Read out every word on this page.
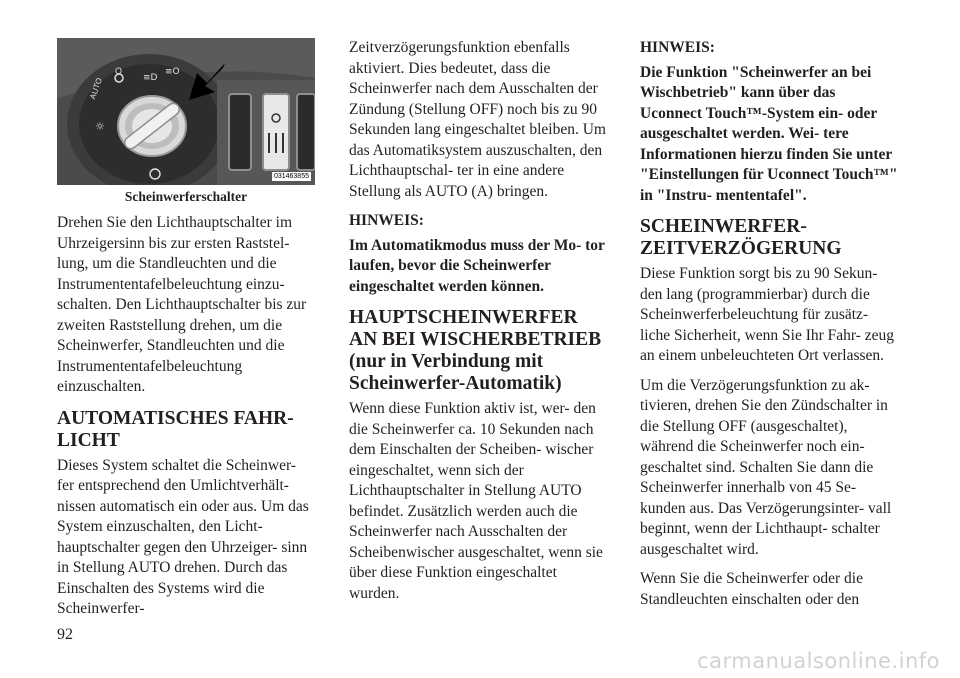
≡D
≡O
☼
AUTO
O
031463855
Scheinwerferschalter

Drehen Sie den Lichthauptschalter im Uhrzeigersinn bis zur ersten Raststel- lung, um die Standleuchten und die Instrumententafelbeleuchtung einzu- schalten. Den Lichthauptschalter bis zur zweiten Raststellung drehen, um die Scheinwerfer, Standleuchten und die Instrumententafelbeleuchtung einzuschalten.

AUTOMATISCHES FAHR-
LICHT

Dieses System schaltet die Scheinwer- fer entsprechend den Umlichtverhält- nissen automatisch ein oder aus. Um das System einzuschalten, den Licht- hauptschalter gegen den Uhrzeiger- sinn in Stellung AUTO drehen. Durch das Einschalten des Systems wird die Scheinwerfer-

Zeitverzögerungsfunktion ebenfalls aktiviert. Dies bedeutet, dass die Scheinwerfer nach dem Ausschalten der Zündung (Stellung OFF) noch bis zu 90 Sekunden lang eingeschaltet bleiben. Um das Automatiksystem auszuschalten, den Lichthauptschal- ter in eine andere Stellung als AUTO (A) bringen.

HINWEIS:

Im Automatikmodus muss der Mo- tor laufen, bevor die Scheinwerfer eingeschaltet werden können.

HAUPTSCHEINWERFER
AN BEI WISCHERBETRIEB
(nur in Verbindung mit
Scheinwerfer-Automatik)

Wenn diese Funktion aktiv ist, wer- den die Scheinwerfer ca. 10 Sekunden nach dem Einschalten der Scheiben- wischer eingeschaltet, wenn sich der Lichthauptschalter in Stellung AUTO befindet. Zusätzlich werden auch die Scheinwerfer nach Ausschalten der Scheibenwischer ausgeschaltet, wenn sie über diese Funktion eingeschaltet wurden.

HINWEIS:

Die Funktion "Scheinwerfer an bei Wischbetrieb" kann über das Uconnect Touch™-System ein- oder ausgeschaltet werden. Wei- tere Informationen hierzu finden Sie unter "Einstellungen für Uconnect Touch™" in "Instru- mententafel".

SCHEINWERFER-
ZEITVERZÖGERUNG

Diese Funktion sorgt bis zu 90 Sekun- den lang (programmierbar) durch die Scheinwerferbeleuchtung für zusätz- liche Sicherheit, wenn Sie Ihr Fahr- zeug an einem unbeleuchteten Ort verlassen.

Um die Verzögerungsfunktion zu ak- tivieren, drehen Sie den Zündschalter in die Stellung OFF (ausgeschaltet), während die Scheinwerfer noch ein- geschaltet sind. Schalten Sie dann die Scheinwerfer innerhalb von 45 Se- kunden aus. Das Verzögerungsinter- vall beginnt, wenn der Lichthaupt- schalter ausgeschaltet wird.

Wenn Sie die Scheinwerfer oder die Standleuchten einschalten oder den

92
carmanualsonline.info
